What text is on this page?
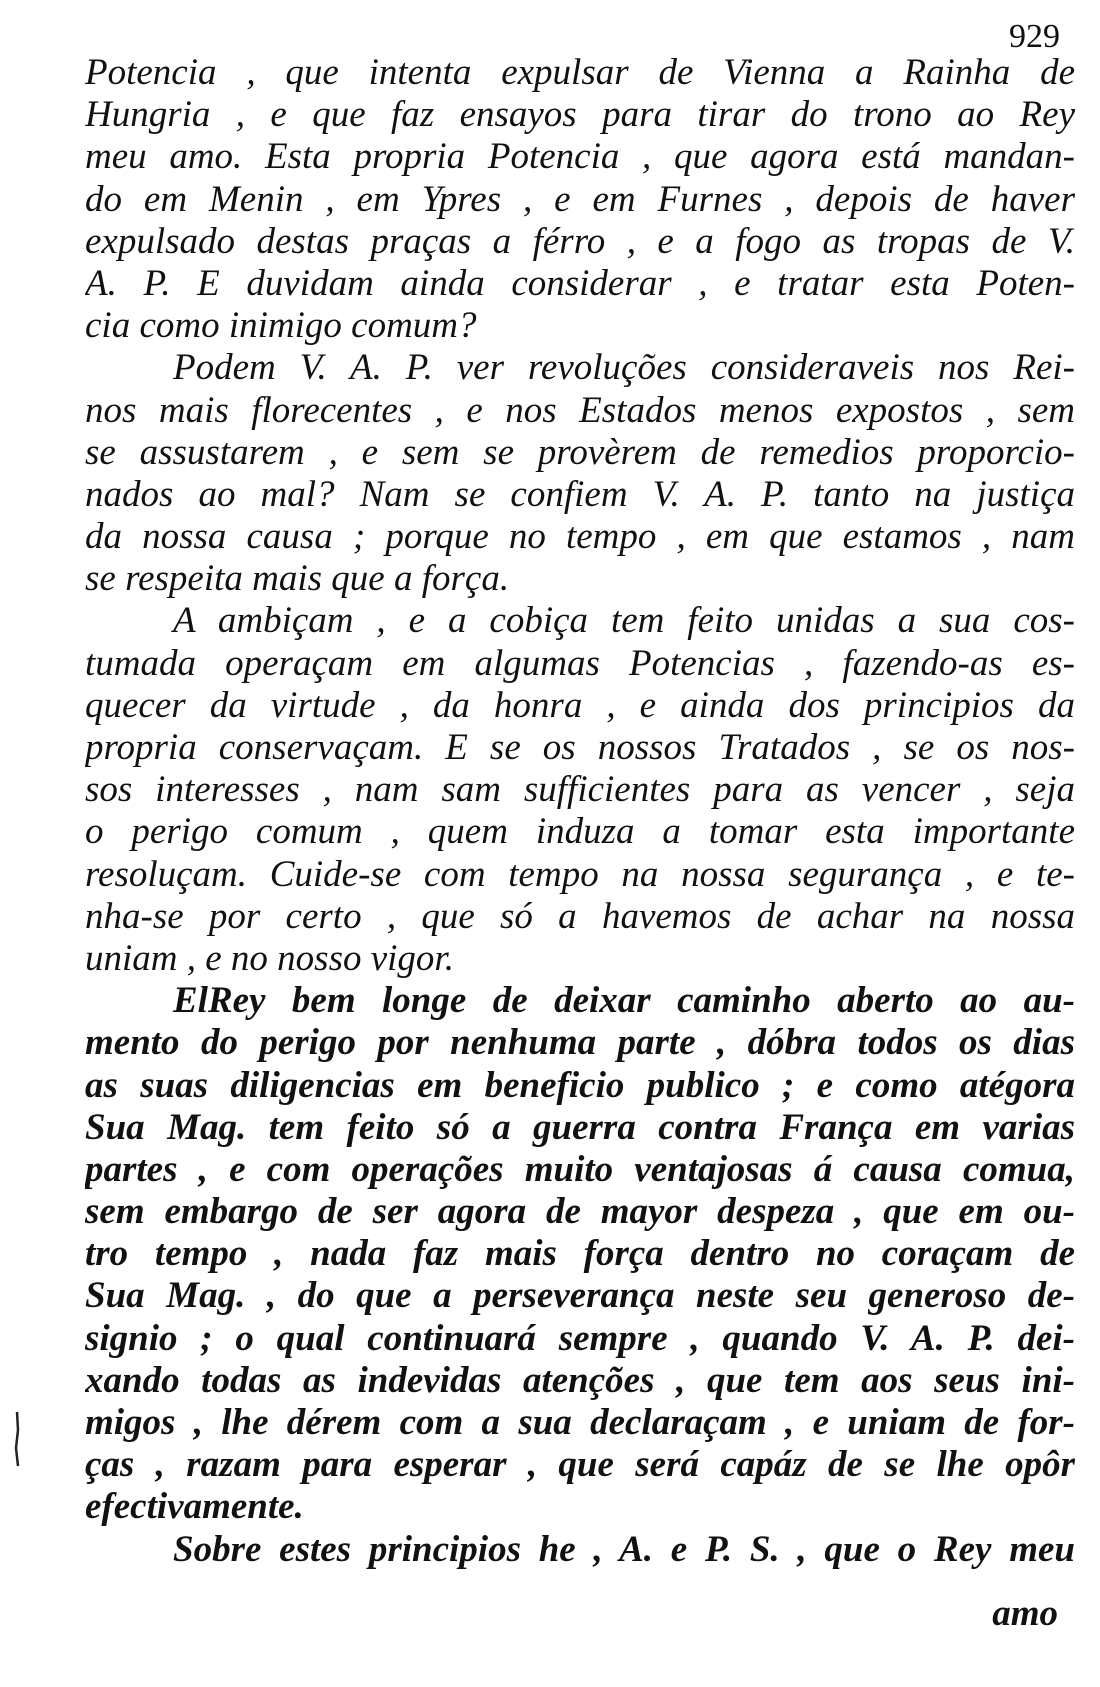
929
Potencia , que intenta expulsar de Vienna a Rainha de
Hungria , e que faz ensayos para tirar do trono ao Rey
meu amo. Esta propria Potencia , que agora está mandan-
do em Menin , em Ypres , e em Furnes , depois de haver
expulsado destas praças a férro , e a fogo as tropas de V.
A. P. E duvidam ainda considerar , e tratar esta Poten-
cia como inimigo comum?
Podem V. A. P. ver revoluções consideraveis nos Rei-
nos mais florecentes , e nos Estados menos expostos , sem
se assustarem , e sem se provèrem de remedios proporcio-
nados ao mal? Nam se confiem V. A. P. tanto na justiça
da nossa causa ; porque no tempo , em que estamos , nam
se respeita mais que a força.
A ambiçam , e a cobiça tem feito unidas a sua cos-
tumada operaçam em algumas Potencias , fazendo-as es-
quecer da virtude , da honra , e ainda dos principios da
propria conservaçam. E se os nossos Tratados , se os nos-
sos interesses , nam sam sufficientes para as vencer , seja
o perigo comum , quem induza a tomar esta importante
resoluçam. Cuide-se com tempo na nossa segurança , e te-
nha-se por certo , que só a havemos de achar na nossa
uniam , e no nosso vigor.
ElRey bem longe de deixar caminho aberto ao au-
mento do perigo por nenhuma parte , dóbra todos os dias
as suas diligencias em beneficio publico ; e como atégora
Sua Mag. tem feito só a guerra contra França em varias
partes , e com operações muito ventajosas á causa comua,
sem embargo de ser agora de mayor despeza , que em ou-
tro tempo , nada faz mais força dentro no coraçam de
Sua Mag. , do que a perseverança neste seu generoso de-
signio ; o qual continuará sempre , quando V. A. P. dei-
xando todas as indevidas atenções , que tem aos seus ini-
migos , lhe dérem com a sua declaraçam , e uniam de for-
ças , razam para esperar , que será capáz de se lhe opôr
efectivamente.
Sobre estes principios he , A. e P. S. , que o Rey meu
amo
